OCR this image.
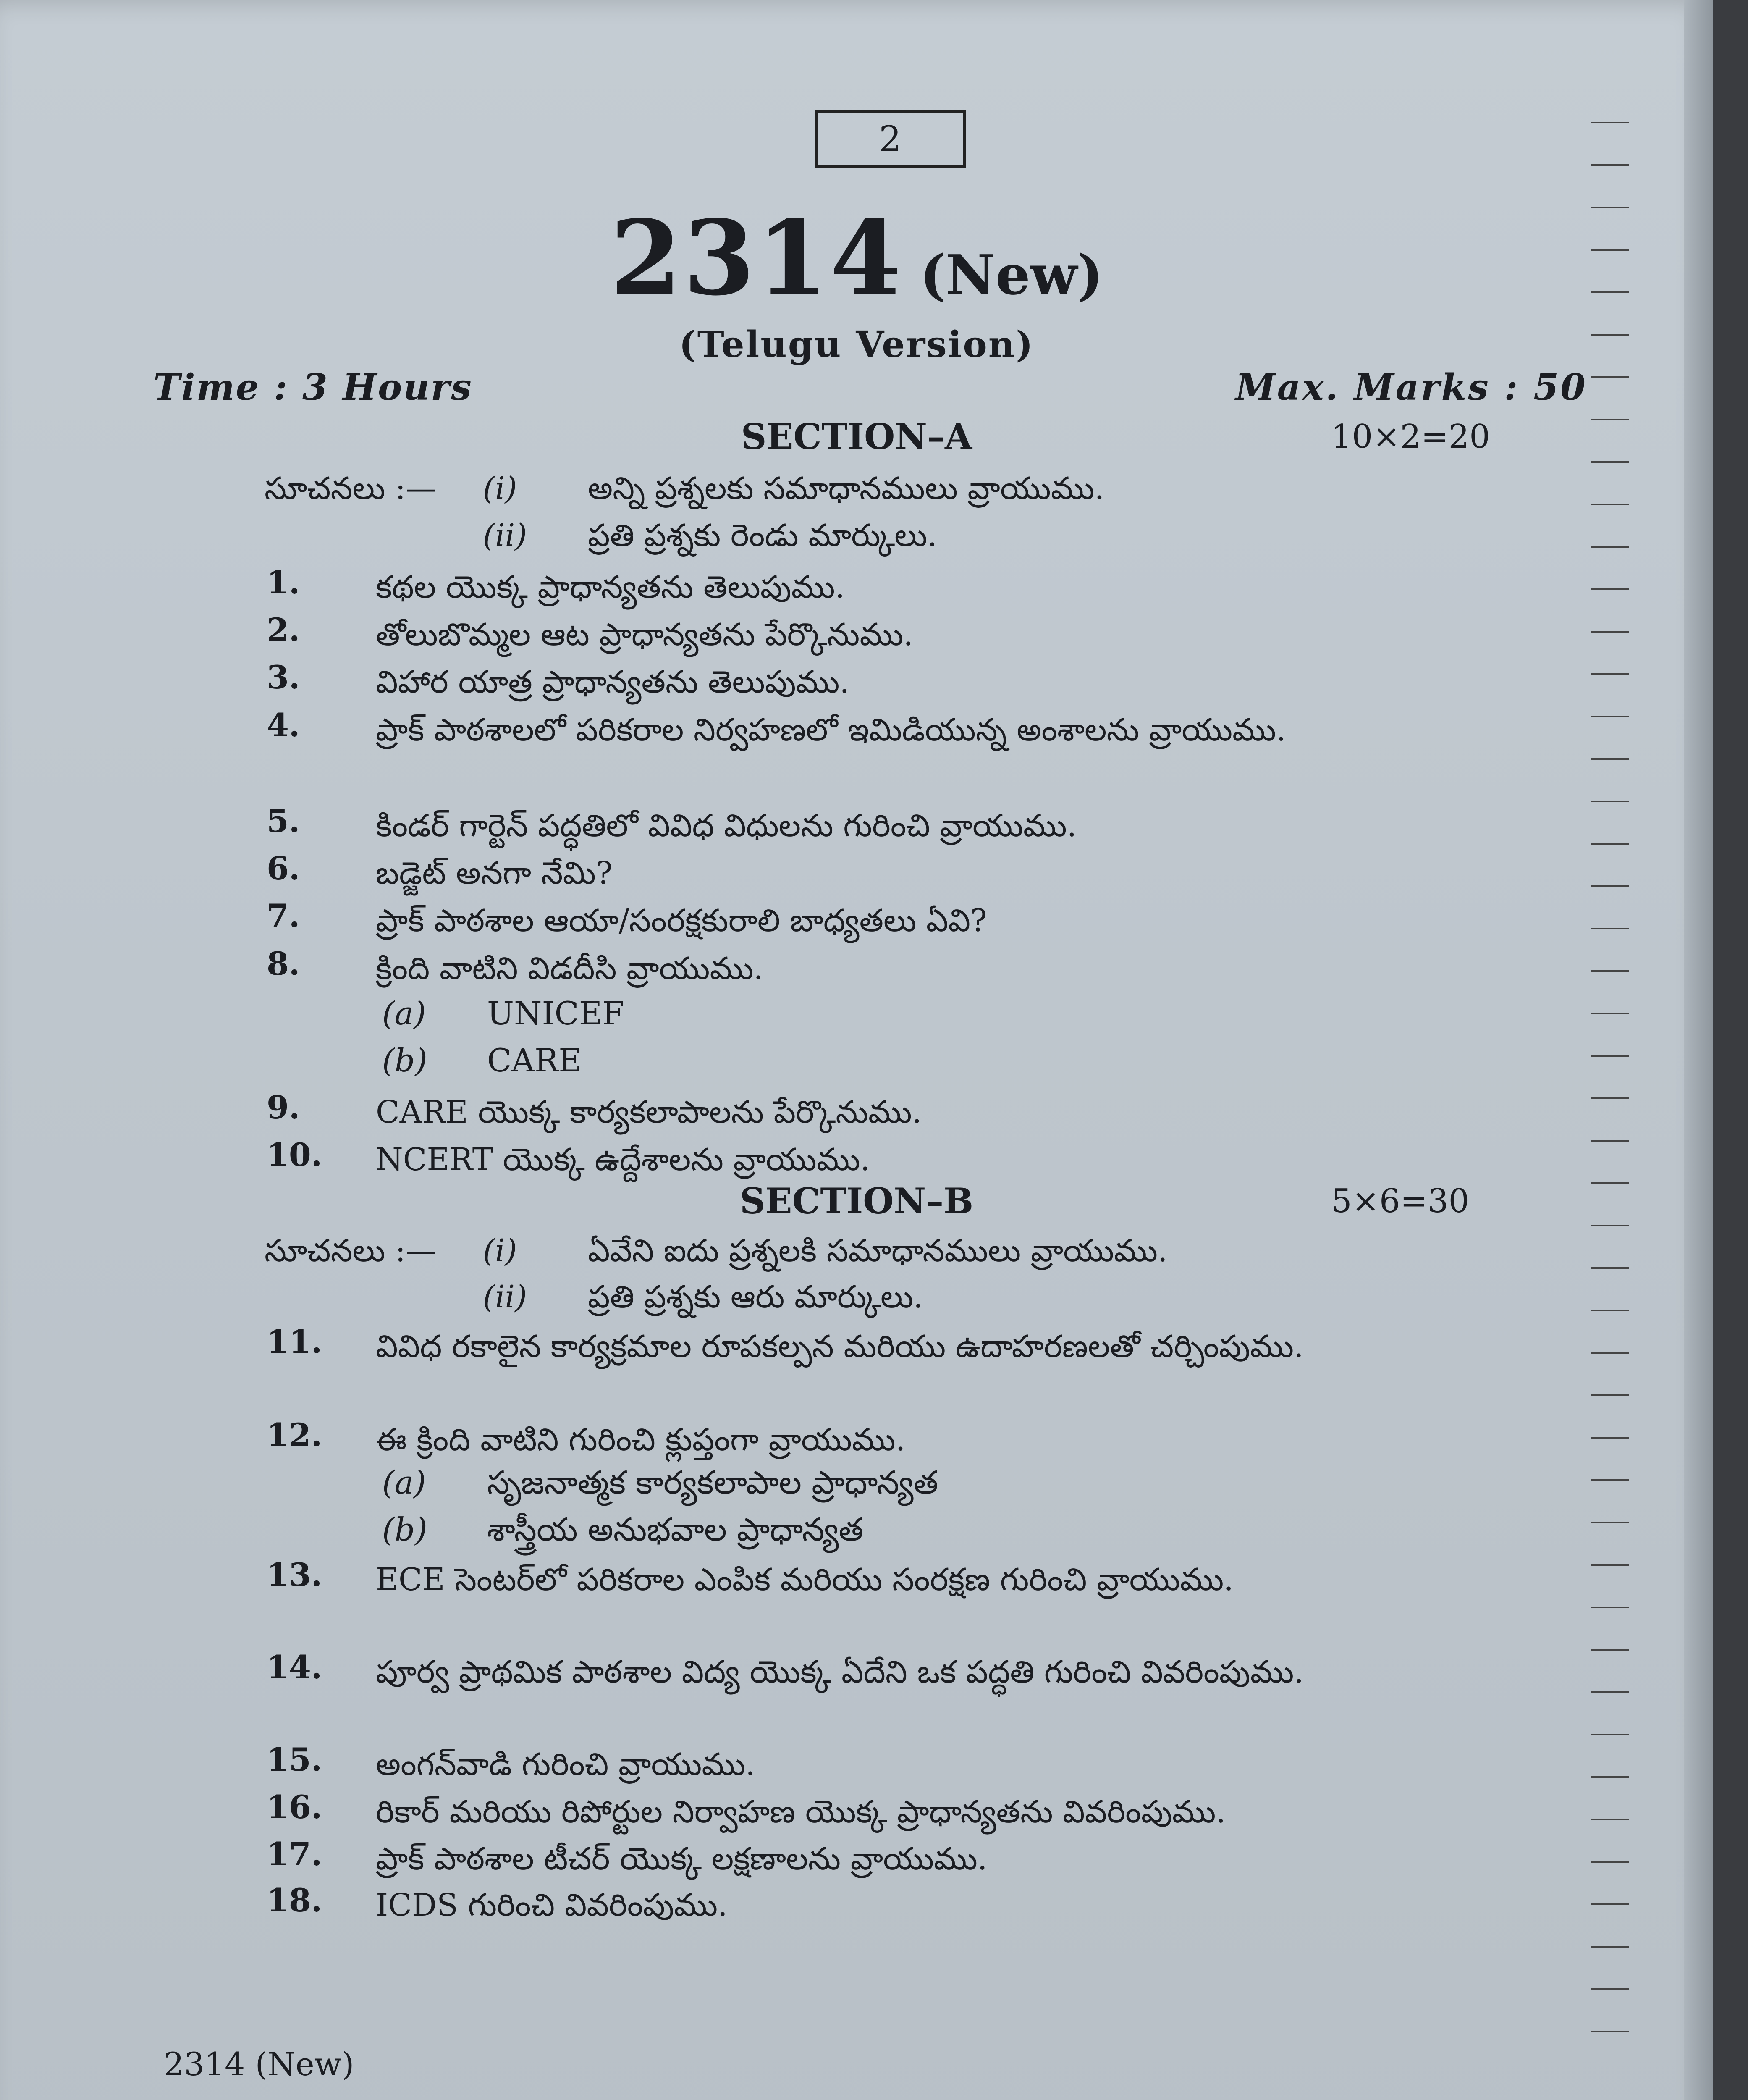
2
2314 (New)
(Telugu Version)
Time : 3 Hours	Max. Marks : 50
SECTION–A	10×2=20
సూచనలు :— (i) అన్ని ప్రశ్నలకు సమాధానములు వ్రాయుము.
(ii) ప్రతి ప్రశ్నకు రెండు మార్కులు.
1. కథల యొక్క ప్రాధాన్యతను తెలుపుము.
2. తోలుబొమ్మల ఆట ప్రాధాన్యతను పేర్కొనుము.
3. విహార యాత్ర ప్రాధాన్యతను తెలుపుము.
4. ప్రాక్ పాఠశాలలో పరికరాల నిర్వహణలో ఇమిడియున్న అంశాలను వ్రాయుము.
5. కిండర్ గార్టెన్ పద్ధతిలో వివిధ విధులను గురించి వ్రాయుము.
6. బడ్జెట్ అనగా నేమి?
7. ప్రాక్ పాఠశాల ఆయా/సంరక్షకురాలి బాధ్యతలు ఏవి?
8. క్రింది వాటిని విడదీసి వ్రాయుము.
(a) UNICEF
(b) CARE
9. CARE యొక్క కార్యకలాపాలను పేర్కొనుము.
10. NCERT యొక్క ఉద్దేశాలను వ్రాయుము.
SECTION–B	5×6=30
సూచనలు :— (i) ఏవేని ఐదు ప్రశ్నలకి సమాధానములు వ్రాయుము.
(ii) ప్రతి ప్రశ్నకు ఆరు మార్కులు.
11. వివిధ రకాలైన కార్యక్రమాల రూపకల్పన మరియు ఉదాహరణలతో చర్చింపుము.
12. ఈ క్రింది వాటిని గురించి క్లుప్తంగా వ్రాయుము.
(a) సృజనాత్మక కార్యకలాపాల ప్రాధాన్యత
(b) శాస్త్రీయ అనుభవాల ప్రాధాన్యత
13. ECE సెంటర్‌లో పరికరాల ఎంపిక మరియు సంరక్షణ గురించి వ్రాయుము.
14. పూర్వ ప్రాథమిక పాఠశాల విద్య యొక్క ఏదేని ఒక పద్ధతి గురించి వివరింపుము.
15. అంగన్‌వాడి గురించి వ్రాయుము.
16. రికార్ మరియు రిపోర్టుల నిర్వాహణ యొక్క ప్రాధాన్యతను వివరింపుము.
17. ప్రాక్ పాఠశాల టీచర్ యొక్క లక్షణాలను వ్రాయుము.
18. ICDS గురించి వివరింపుము.
2314 (New)
